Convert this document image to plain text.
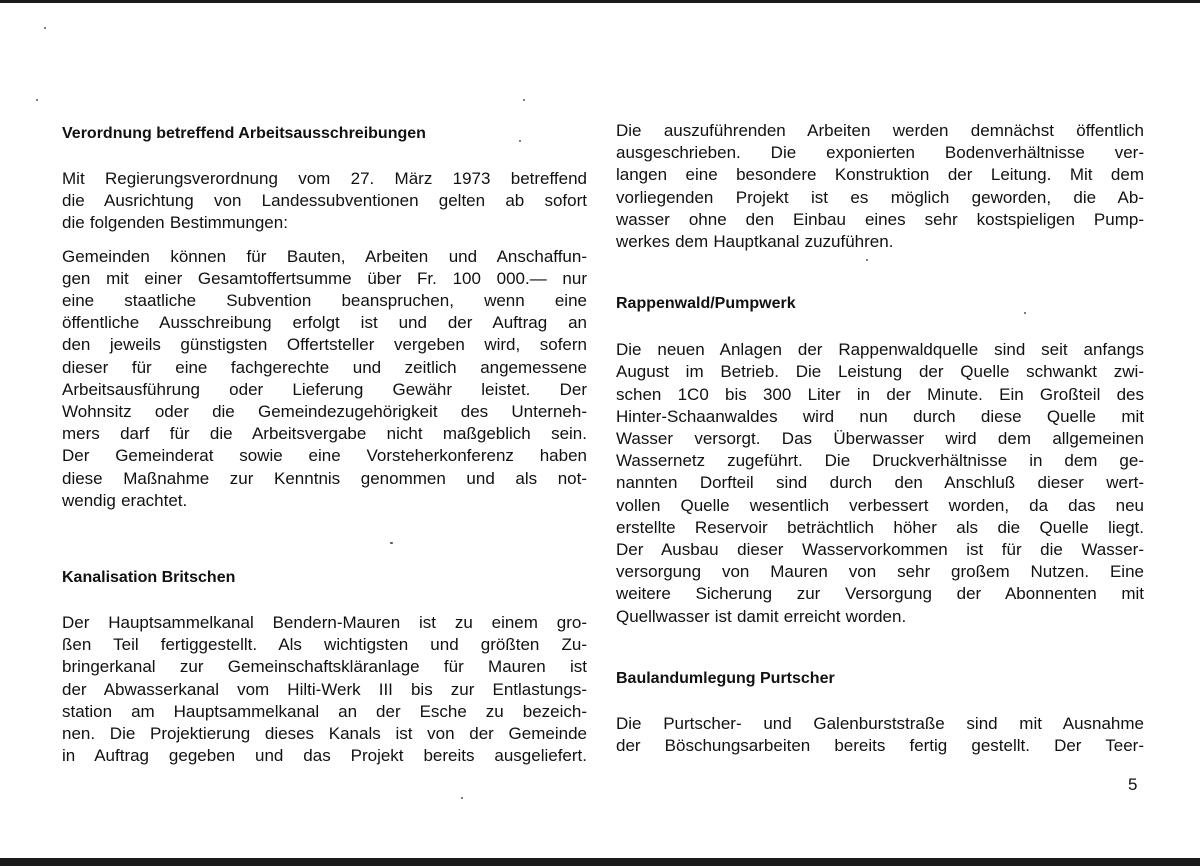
Verordnung betreffend Arbeitsausschreibungen
Mit Regierungsverordnung vom 27. März 1973 betreffend
die Ausrichtung von Landessubventionen gelten ab sofort
die folgenden Bestimmungen:
Gemeinden können für Bauten, Arbeiten und Anschaffun-
gen mit einer Gesamtoffertsumme über Fr. 100 000.— nur
eine staatliche Subvention beanspruchen, wenn eine
öffentliche Ausschreibung erfolgt ist und der Auftrag an
den jeweils günstigsten Offertsteller vergeben wird, sofern
dieser für eine fachgerechte und zeitlich angemessene
Arbeitsausführung oder Lieferung Gewähr leistet. Der
Wohnsitz oder die Gemeindezugehörigkeit des Unterneh-
mers darf für die Arbeitsvergabe nicht maßgeblich sein.
Der Gemeinderat sowie eine Vorsteherkonferenz haben
diese Maßnahme zur Kenntnis genommen und als not-
wendig erachtet.
Kanalisation Britschen
Der Hauptsammelkanal Bendern-Mauren ist zu einem gro-
ßen Teil fertiggestellt. Als wichtigsten und größten Zu-
bringerkanal zur Gemeinschaftskläranlage für Mauren ist
der Abwasserkanal vom Hilti-Werk III bis zur Entlastungs-
station am Hauptsammelkanal an der Esche zu bezeich-
nen. Die Projektierung dieses Kanals ist von der Gemeinde
in Auftrag gegeben und das Projekt bereits ausgeliefert.
Die auszuführenden Arbeiten werden demnächst öffentlich
ausgeschrieben. Die exponierten Bodenverhältnisse ver-
langen eine besondere Konstruktion der Leitung. Mit dem
vorliegenden Projekt ist es möglich geworden, die Ab-
wasser ohne den Einbau eines sehr kostspieligen Pump-
werkes dem Hauptkanal zuzuführen.
Rappenwald/Pumpwerk
Die neuen Anlagen der Rappenwaldquelle sind seit anfangs
August im Betrieb. Die Leistung der Quelle schwankt zwi-
schen 1C0 bis 300 Liter in der Minute. Ein Großteil des
Hinter-Schaanwaldes wird nun durch diese Quelle mit
Wasser versorgt. Das Überwasser wird dem allgemeinen
Wassernetz zugeführt. Die Druckverhältnisse in dem ge-
nannten Dorfteil sind durch den Anschluß dieser wert-
vollen Quelle wesentlich verbessert worden, da das neu
erstellte Reservoir beträchtlich höher als die Quelle liegt.
Der Ausbau dieser Wasservorkommen ist für die Wasser-
versorgung von Mauren von sehr großem Nutzen. Eine
weitere Sicherung zur Versorgung der Abonnenten mit
Quellwasser ist damit erreicht worden.
Baulandumlegung Purtscher
Die Purtscher- und Galenburststraße sind mit Ausnahme
der Böschungsarbeiten bereits fertig gestellt. Der Teer-
5
